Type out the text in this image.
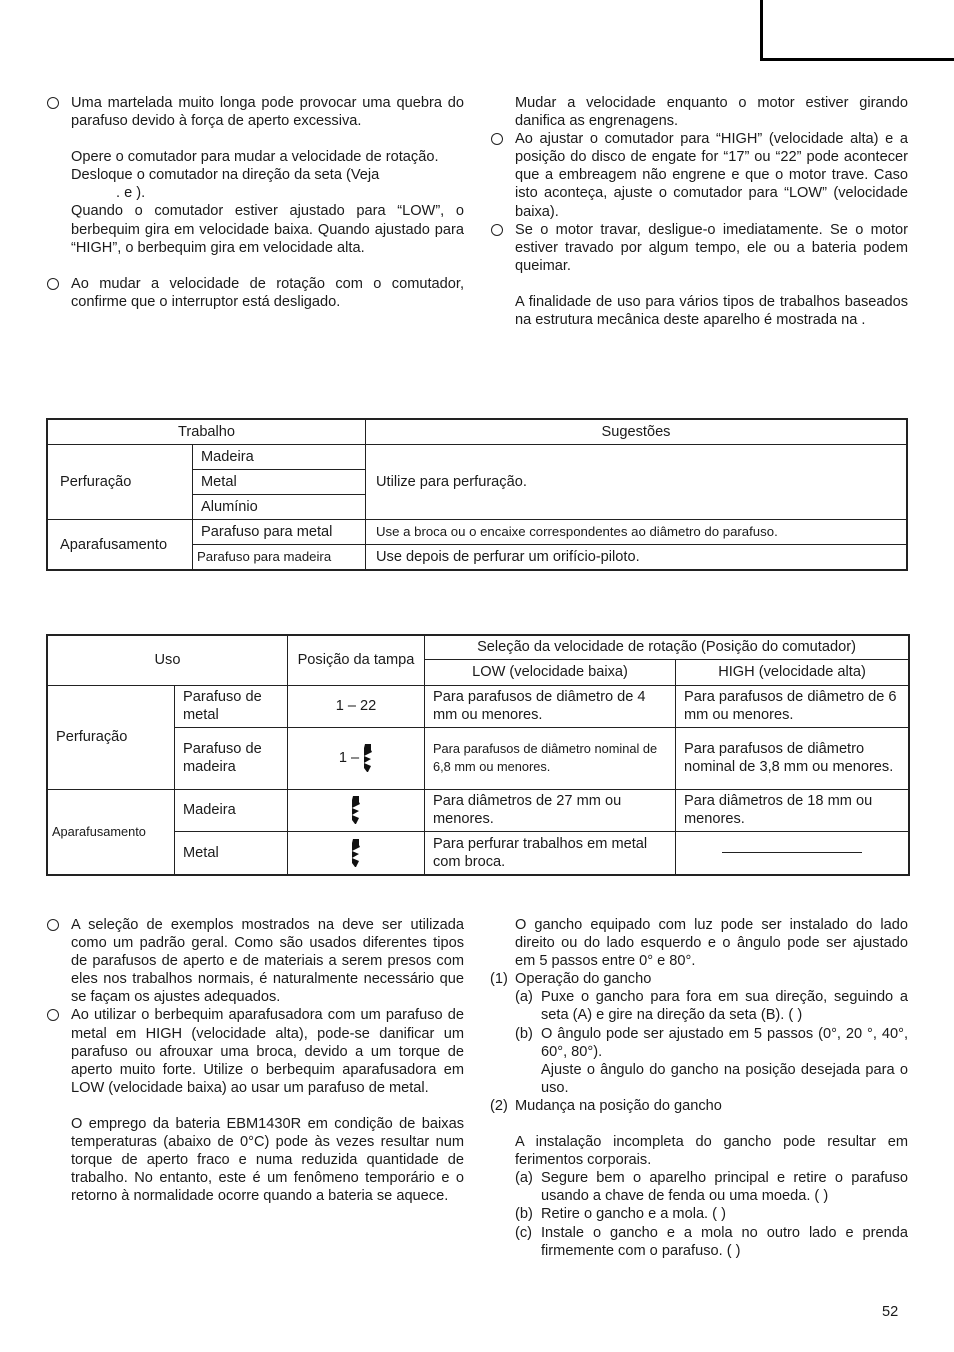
Uma martelada muito longa pode provocar uma quebra do parafuso devido à força de aperto excessiva.

Opere o comutador para mudar a velocidade de rotação.

Desloque o comutador na direção da seta (Veja

. e ).

Quando o comutador estiver ajustado para “LOW”, o berbequim gira em velocidade baixa. Quando ajustado para “HIGH”, o berbequim gira em velocidade alta.

Ao mudar a velocidade de rotação com o comutador, confirme que o interruptor está desligado.

Mudar a velocidade enquanto o motor estiver girando danifica as engrenagens.

Ao ajustar o comutador para “HIGH” (velocidade alta) e a posição do disco de engate for “17” ou “22” pode acontecer que a embreagem não engrene e que o motor trave. Caso isto aconteça, ajuste o comutador para “LOW” (velocidade baixa).

Se o motor travar, desligue-o imediatamente. Se o motor estiver travado por algum tempo, ele ou a bateria podem queimar.

A finalidade de uso para vários tipos de trabalhos baseados na estrutura mecânica deste aparelho é mostrada na .

Trabalho		Sugestões
Perfuração	Madeira	Utilize para perfuração.
	Metal	
	Alumínio	
Aparafusamento	Parafuso para metal	Use a broca ou o encaixe correspondentes ao diâmetro do parafuso.
	Parafuso para madeira	Use depois de perfurar um orifício-piloto.
Uso		Posição da tampa	Seleção da velocidade de rotação (Posição do comutador)	
			LOW (velocidade baixa)	HIGH (velocidade alta)
Perfuração	Parafuso de metal	1 – 22	Para parafusos de diâmetro de 4 mm ou menores.	Para parafusos de diâmetro de 6 mm ou menores.
	Parafuso de madeira	1 –	Para parafusos de diâmetro nominal de 6,8 mm ou menores.	Para parafusos de diâmetro nominal de 3,8 mm ou menores.
Aparafusamento	Madeira		Para diâmetros de 27 mm ou menores.	Para diâmetros de 18 mm ou menores.
	Metal		Para perfurar trabalhos em metal com broca.	

A seleção de exemplos mostrados na deve ser utilizada como um padrão geral. Como são usados diferentes tipos de parafusos de aperto e de materiais a serem presos com eles nos trabalhos normais, é naturalmente necessário que se façam os ajustes adequados.

Ao utilizar o berbequim aparafusadora com um parafuso de metal em HIGH (velocidade alta), pode-se danificar um parafuso ou afrouxar uma broca, devido a um torque de aperto muito forte. Utilize o berbequim aparafusadora em LOW (velocidade baixa) ao usar um parafuso de metal.

O emprego da bateria EBM1430R em condição de baixas temperaturas (abaixo de 0°C) pode às vezes resultar num torque de aperto fraco e numa reduzida quantidade de trabalho. No entanto, este é um fenômeno temporário e o retorno à normalidade ocorre quando a bateria se aquece.

O gancho equipado com luz pode ser instalado do lado direito ou do lado esquerdo e o ângulo pode ser ajustado em 5 passos entre 0° e 80°.

(1) Operação do gancho

(a) Puxe o gancho para fora em sua direção, seguindo a seta (A) e gire na direção da seta (B). ( )

(b) O ângulo pode ser ajustado em 5 passos (0°, 20 °, 40°, 60°, 80°).

Ajuste o ângulo do gancho na posição desejada para o uso.

(2) Mudança na posição do gancho

A instalação incompleta do gancho pode resultar em ferimentos corporais.

(a) Segure bem o aparelho principal e retire o parafuso usando a chave de fenda ou uma moeda. ( )

(b) Retire o gancho e a mola. ( )

(c) Instale o gancho e a mola no outro lado e prenda firmemente com o parafuso. ( )

52
